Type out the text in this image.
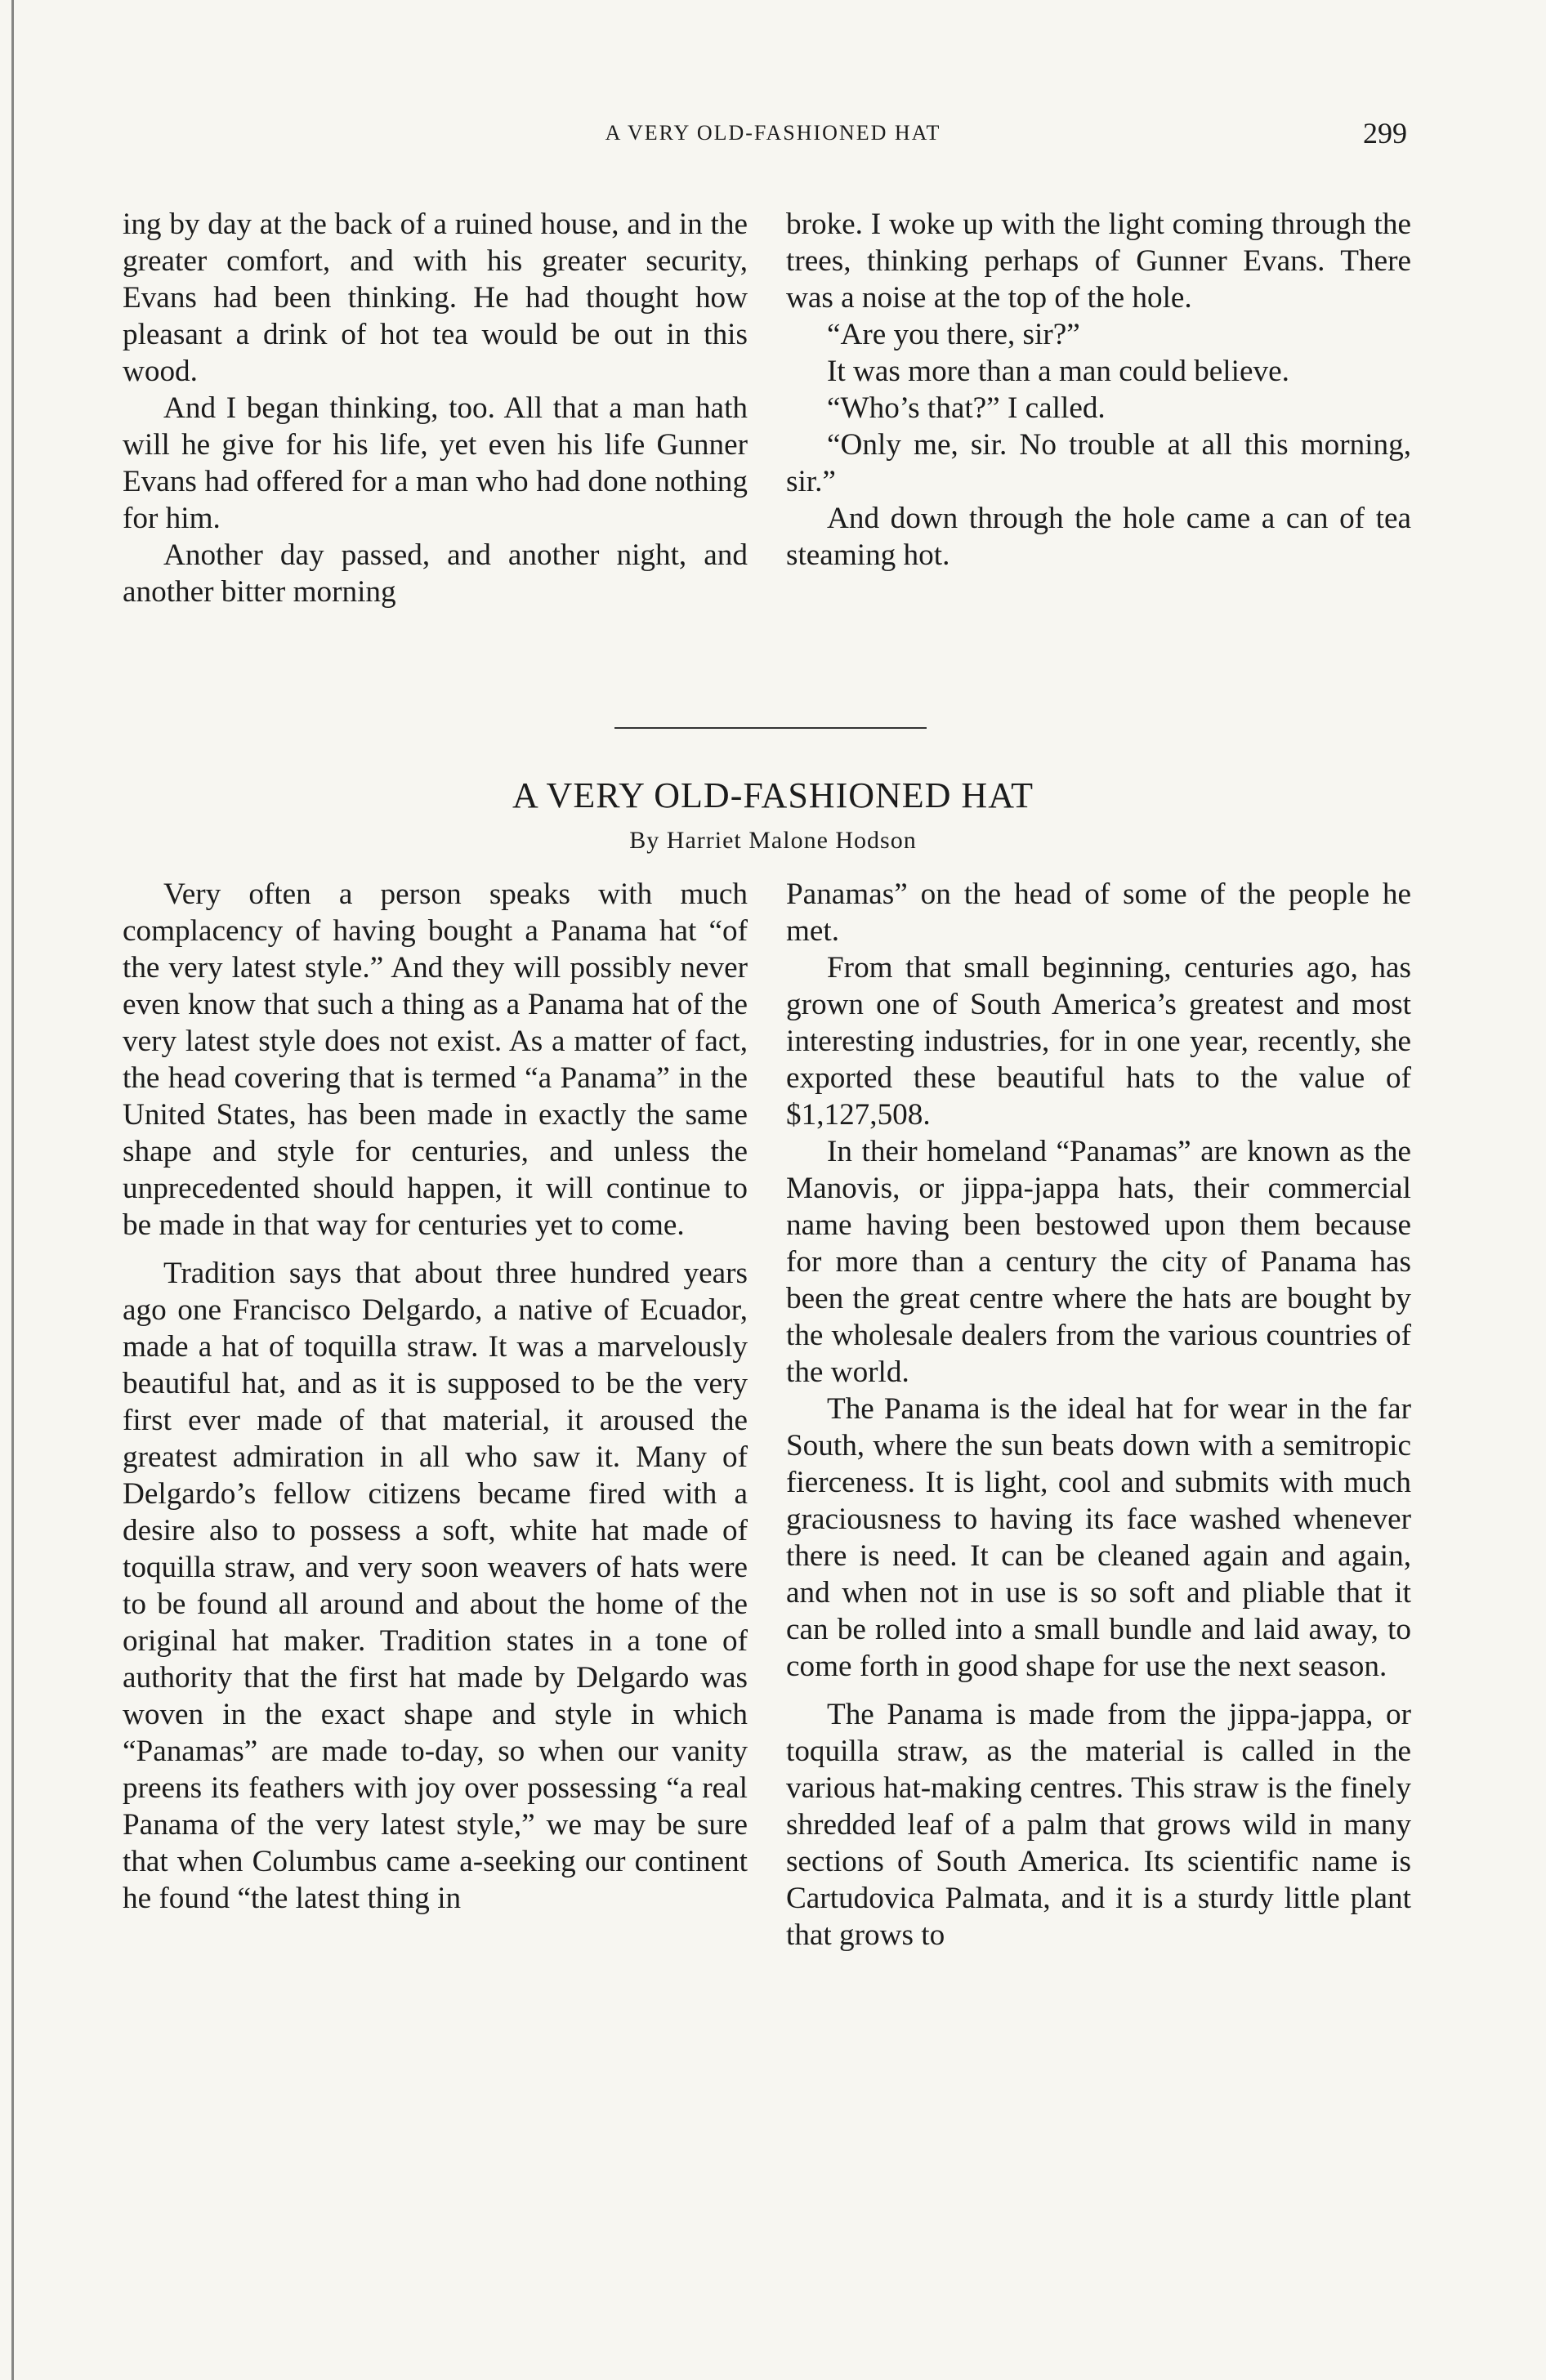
A VERY OLD-FASHIONED HAT	299

ing by day at the back of a ruined house, and in the greater comfort, and with his greater security, Evans had been thinking. He had thought how pleasant a drink of hot tea would be out in this wood.

And I began thinking, too. All that a man hath will he give for his life, yet even his life Gunner Evans had offered for a man who had done nothing for him.

Another day passed, and another night, and another bitter morning

broke. I woke up with the light coming through the trees, thinking perhaps of Gunner Evans. There was a noise at the top of the hole.

“Are you there, sir?”

It was more than a man could believe.

“Who’s that?” I called.

“Only me, sir. No trouble at all this morning, sir.”

And down through the hole came a can of tea steaming hot.

A VERY OLD-FASHIONED HAT
By Harriet Malone Hodson

Very often a person speaks with much complacency of having bought a Panama hat “of the very latest style.” And they will possibly never even know that such a thing as a Panama hat of the very latest style does not exist. As a matter of fact, the head covering that is termed “a Panama” in the United States, has been made in exactly the same shape and style for centuries, and unless the unprecedented should happen, it will continue to be made in that way for centuries yet to come.

Tradition says that about three hundred years ago one Francisco Delgardo, a native of Ecuador, made a hat of toquilla straw. It was a marvelously beautiful hat, and as it is supposed to be the very first ever made of that material, it aroused the greatest admiration in all who saw it. Many of Delgardo’s fellow citizens became fired with a desire also to possess a soft, white hat made of toquilla straw, and very soon weavers of hats were to be found all around and about the home of the original hat maker. Tradition states in a tone of authority that the first hat made by Delgardo was woven in the exact shape and style in which “Panamas” are made to-day, so when our vanity preens its feathers with joy over possessing “a real Panama of the very latest style,” we may be sure that when Columbus came a-seeking our continent he found “the latest thing in

Panamas” on the head of some of the people he met.

From that small beginning, centuries ago, has grown one of South America’s greatest and most interesting industries, for in one year, recently, she exported these beautiful hats to the value of $1,127,508.

In their homeland “Panamas” are known as the Manovis, or jippa-jappa hats, their commercial name having been bestowed upon them because for more than a century the city of Panama has been the great centre where the hats are bought by the wholesale dealers from the various countries of the world.

The Panama is the ideal hat for wear in the far South, where the sun beats down with a semitropic fierceness. It is light, cool and submits with much graciousness to having its face washed whenever there is need. It can be cleaned again and again, and when not in use is so soft and pliable that it can be rolled into a small bundle and laid away, to come forth in good shape for use the next season.

The Panama is made from the jippa-jappa, or toquilla straw, as the material is called in the various hat-making centres. This straw is the finely shredded leaf of a palm that grows wild in many sections of South America. Its scientific name is Cartudovica Palmata, and it is a sturdy little plant that grows to
